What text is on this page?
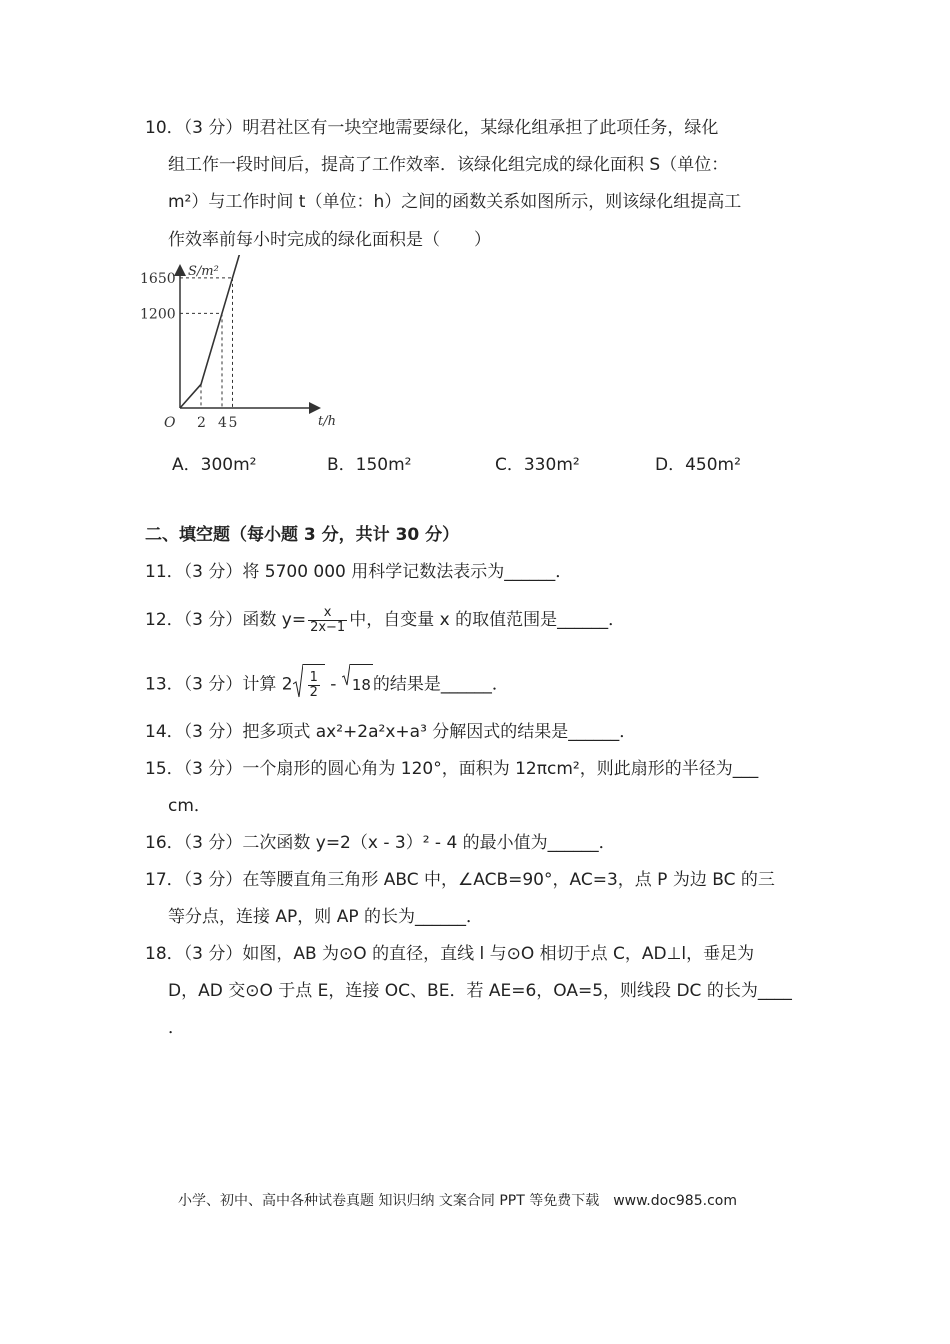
10．（3 分）明君社区有一块空地需要绿化，某绿化组承担了此项任务，绿化
组工作一段时间后，提高了工作效率．该绿化组完成的绿化面积 S（单位：
m²）与工作时间 t（单位：h）之间的函数关系如图所示，则该绿化组提高工
作效率前每小时完成的绿化面积是（　　）
S/m²
t/h
O 2 4 5
1650
1200
A．300m²	B．150m²	C．330m²	D．450m²
二、填空题（每小题 3 分，共计 30 分）
11．（3 分）将 5700 000 用科学记数法表示为______．
12．（3 分）函数 $y= \frac{x}{2x-1}$ 中，自变量 x 的取值范围是______．
13．（3 分）计算 $2 \frac{1}{2} - 18$ 的结果是______．
14．（3 分）把多项式 ax²+2a²x+a³ 分解因式的结果是______．
15．（3 分）一个扇形的圆心角为 120°，面积为 12πcm²，则此扇形的半径为___
cm．
16．（3 分）二次函数 y=2（x - 3）² - 4 的最小值为______．
17．（3 分）在等腰直角三角形 ABC 中，∠ACB=90°，AC=3，点 P 为边 BC 的三
等分点，连接 AP，则 AP 的长为______．
18．（3 分）如图，AB 为⊙O 的直径，直线 l 与⊙O 相切于点 C，AD⊥l，垂足为
D，AD 交⊙O 于点 E，连接 OC、BE．若 AE=6，OA=5，则线段 DC 的长为____
．
小学、初中、高中各种试卷真题 知识归纳 文案合同 PPT 等免费下载　www.doc985.com
